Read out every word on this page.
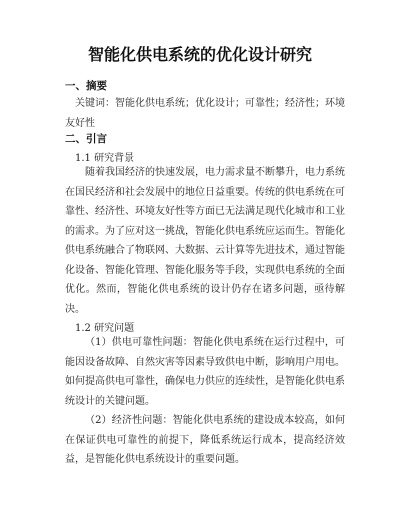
智能化供电系统的优化设计研究
一、摘要
关键词：智能化供电系统；优化设计；可靠性；经济性；环境友好性
二、引言
1.1 研究背景
随着我国经济的快速发展，电力需求量不断攀升，电力系统在国民经济和社会发展中的地位日益重要。传统的供电系统在可靠性、经济性、环境友好性等方面已无法满足现代化城市和工业的需求。为了应对这一挑战，智能化供电系统应运而生。智能化供电系统融合了物联网、大数据、云计算等先进技术，通过智能化设备、智能化管理、智能化服务等手段，实现供电系统的全面优化。然而，智能化供电系统的设计仍存在诸多问题，亟待解决。
1.2 研究问题
（1）供电可靠性问题：智能化供电系统在运行过程中，可能因设备故障、自然灾害等因素导致供电中断，影响用户用电。如何提高供电可靠性，确保电力供应的连续性，是智能化供电系统设计的关键问题。
（2）经济性问题：智能化供电系统的建设成本较高，如何在保证供电可靠性的前提下，降低系统运行成本，提高经济效益，是智能化供电系统设计的重要问题。
